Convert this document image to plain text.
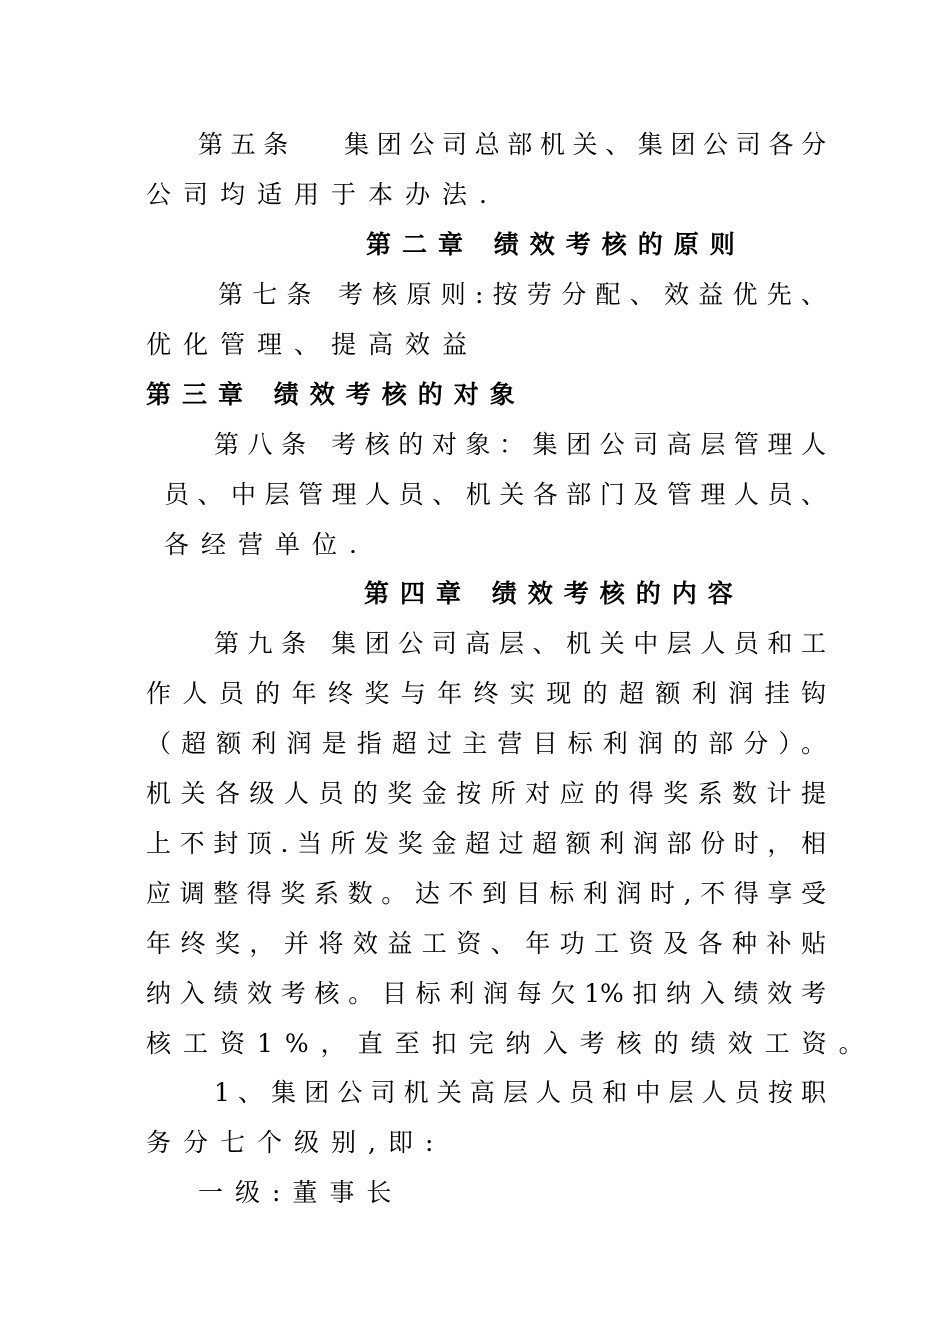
第五条　 集团公司总部机关、集团公司各分
公司均适用于本办法.
第二章 绩效考核的原则
第七条 考核原则:按劳分配、效益优先、
优化管理、提高效益
第三章 绩效考核的对象
第八条 考核的对象：集团公司高层管理人
员、中层管理人员、机关各部门及管理人员、
各经营单位.
第四章 绩效考核的内容
第九条 集团公司高层、机关中层人员和工
作人员的年终奖与年终实现的超额利润挂钩
（超额利润是指超过主营目标利润的部分）。
机关各级人员的奖金按所对应的得奖系数计提
上不封顶.当所发奖金超过超额利润部份时，相
应调整得奖系数。达不到目标利润时,不得享受
年终奖，并将效益工资、年功工资及各种补贴
纳入绩效考核。目标利润每欠1%扣纳入绩效考
核工资1%，直至扣完纳入考核的绩效工资。
1、集团公司机关高层人员和中层人员按职
务分七个级别,即:
一级:董事长
